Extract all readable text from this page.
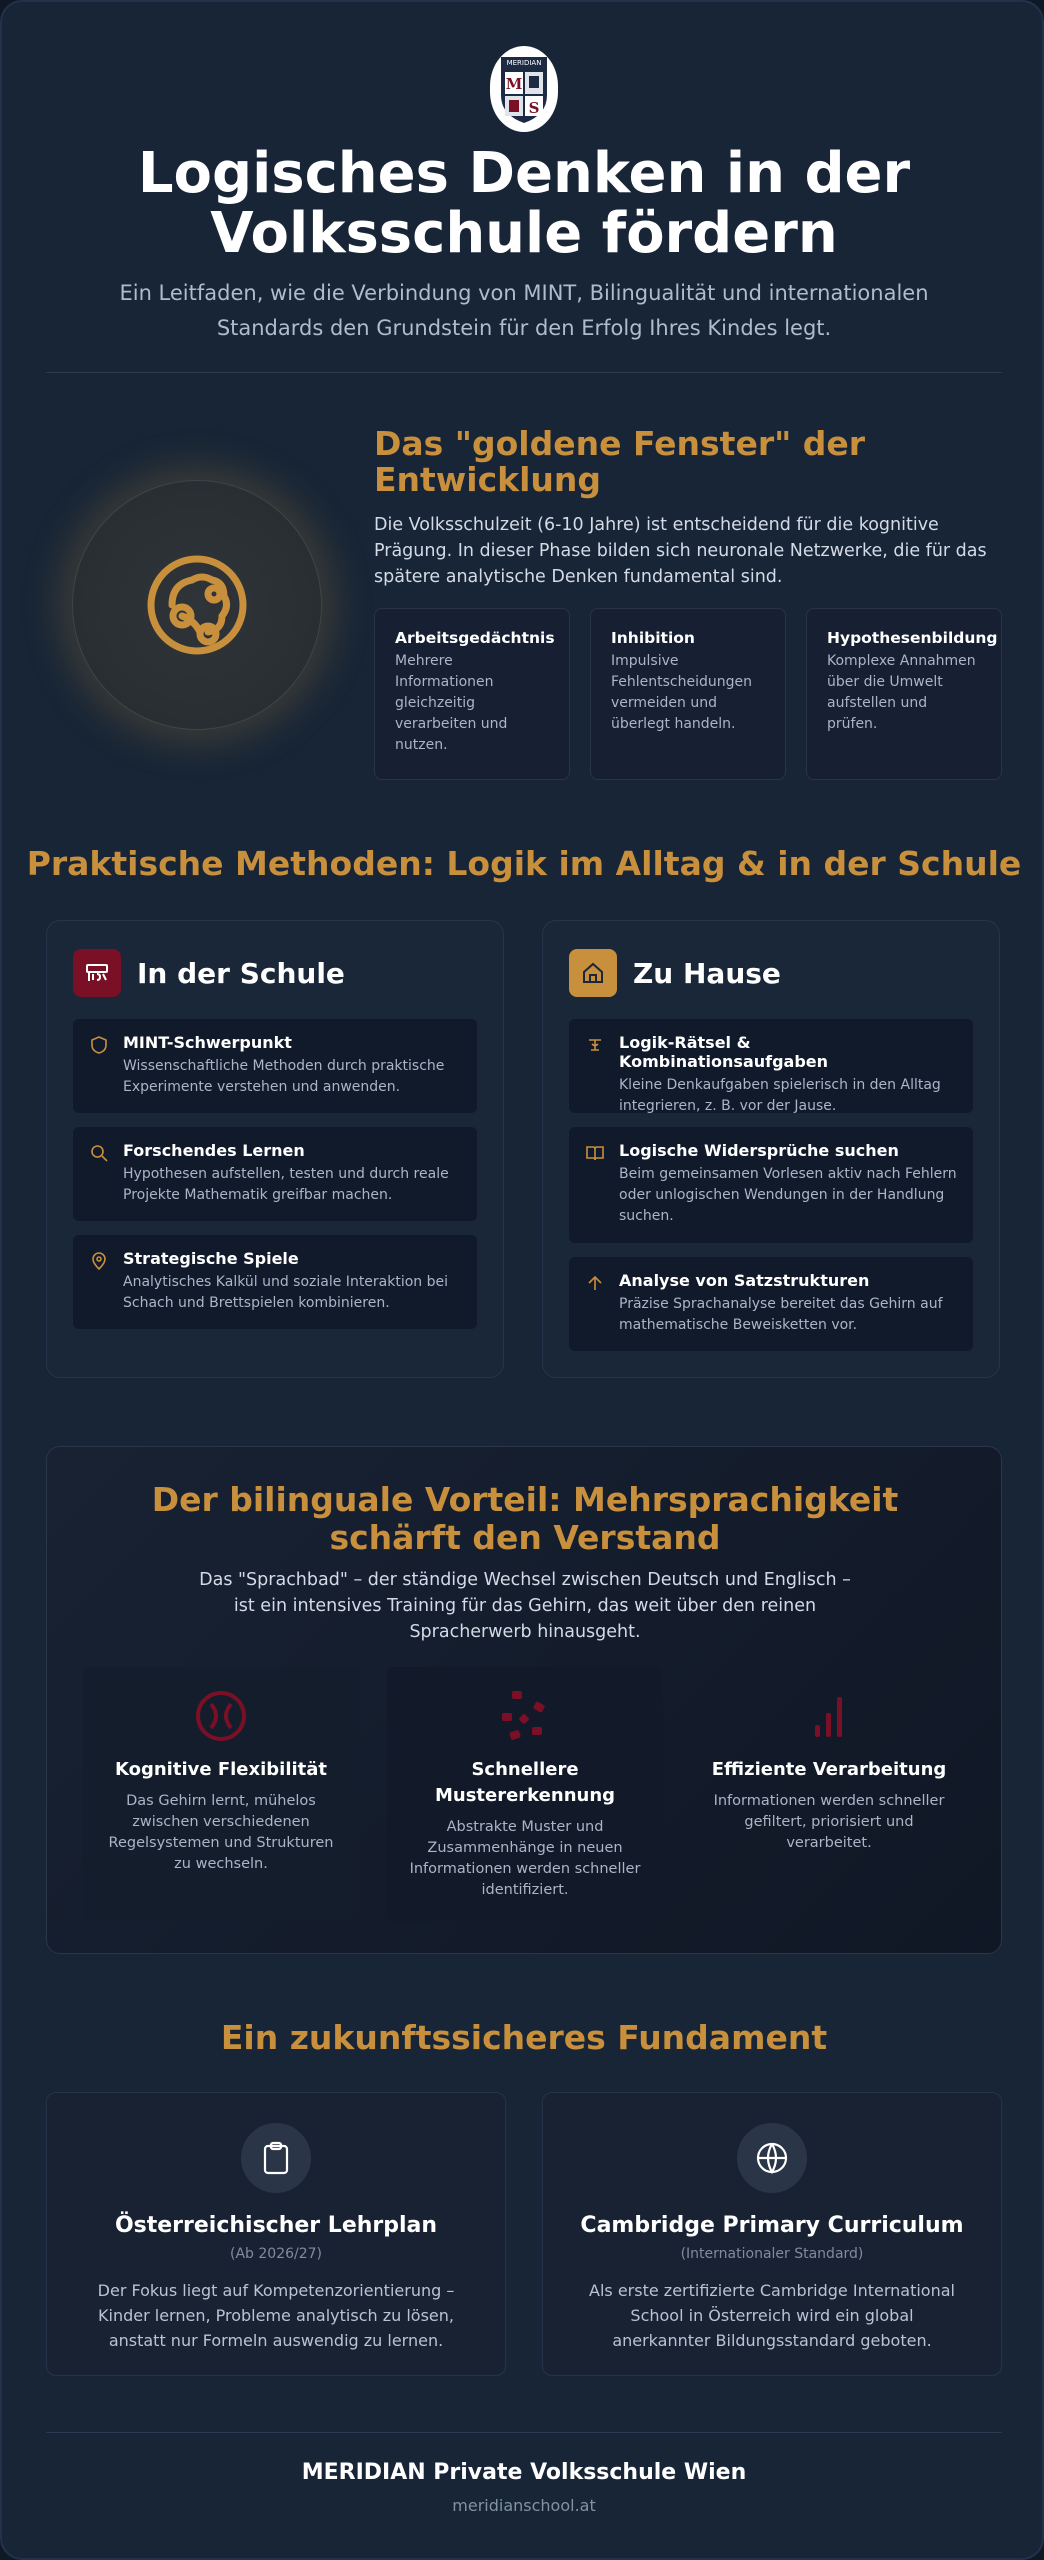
MERIDIAN
M
S
Logisches Denken in der Volksschule fördern
Ein Leitfaden, wie die Verbindung von MINT, Bilingualität und internationalen Standards den Grundstein für den Erfolg Ihres Kindes legt.
Das "goldene Fenster" der Entwicklung
Die Volksschulzeit (6-10 Jahre) ist entscheidend für die kognitive Prägung. In dieser Phase bilden sich neuronale Netzwerke, die für das spätere analytische Denken fundamental sind.
Arbeitsgedächtnis

Mehrere Informationen gleichzeitig verarbeiten und nutzen.

Inhibition

Impulsive Fehlentscheidungen vermeiden und überlegt handeln.

Hypothesenbildung

Komplexe Annahmen über die Umwelt aufstellen und prüfen.

Praktische Methoden: Logik im Alltag & in der Schule
In der Schule
MINT-Schwerpunkt

Wissenschaftliche Methoden durch praktische Experimente verstehen und anwenden.

Forschendes Lernen

Hypothesen aufstellen, testen und durch reale Projekte Mathematik greifbar machen.

Strategische Spiele

Analytisches Kalkül und soziale Interaktion bei Schach und Brettspielen kombinieren.

Zu Hause
Logik-Rätsel & Kombinationsaufgaben

Kleine Denkaufgaben spielerisch in den Alltag integrieren, z. B. vor der Jause.

Logische Widersprüche suchen

Beim gemeinsamen Vorlesen aktiv nach Fehlern oder unlogischen Wendungen in der Handlung suchen.

Analyse von Satzstrukturen

Präzise Sprachanalyse bereitet das Gehirn auf mathematische Beweisketten vor.

Der bilinguale Vorteil: Mehrsprachigkeit schärft den Verstand
Das "Sprachbad" – der ständige Wechsel zwischen Deutsch und Englisch – ist ein intensives Training für das Gehirn, das weit über den reinen Spracherwerb hinausgeht.
Kognitive Flexibilität

Das Gehirn lernt, mühelos zwischen verschiedenen Regelsystemen und Strukturen zu wechseln.

Schnellere Mustererkennung

Abstrakte Muster und Zusammenhänge in neuen Informationen werden schneller identifiziert.

Effiziente Verarbeitung

Informationen werden schneller gefiltert, priorisiert und verarbeitet.

Ein zukunftssicheres Fundament
Österreichischer Lehrplan
(Ab 2026/27)

Der Fokus liegt auf Kompetenzorientierung – Kinder lernen, Probleme analytisch zu lösen, anstatt nur Formeln auswendig zu lernen.

Cambridge Primary Curriculum
(Internationaler Standard)

Als erste zertifizierte Cambridge International School in Österreich wird ein global anerkannter Bildungsstandard geboten.

MERIDIAN Private Volksschule Wien
meridianschool.at
